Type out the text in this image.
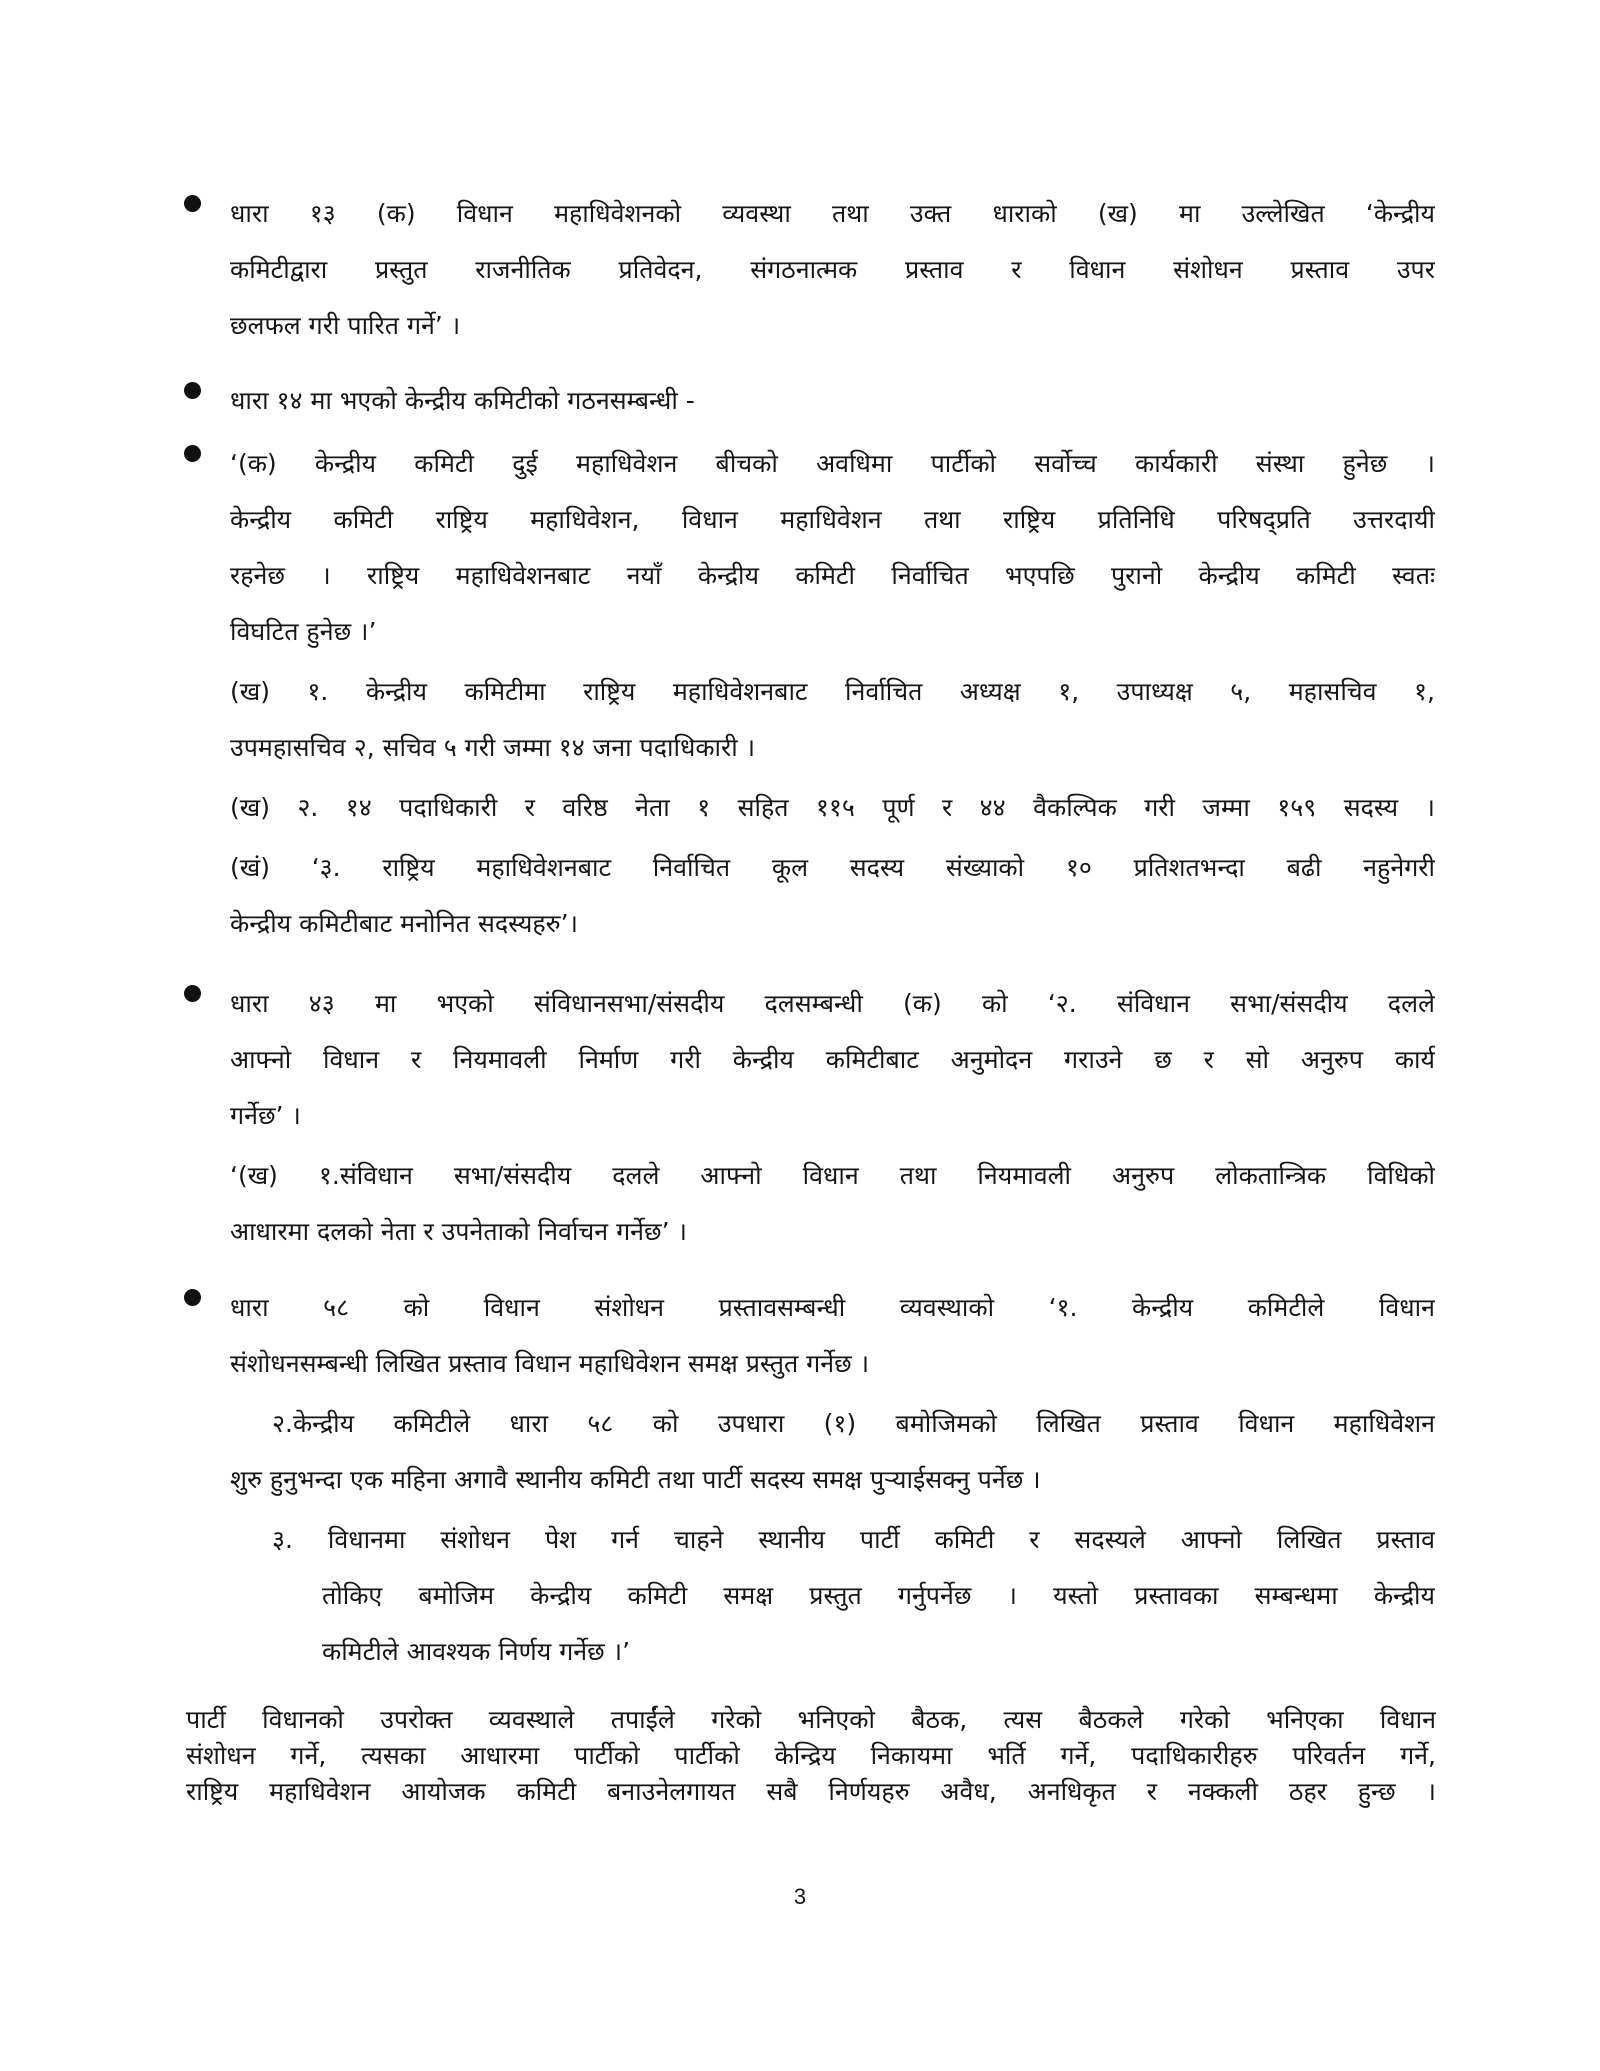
धारा १३ (क) विधान महाधिवेशनको व्यवस्था तथा उक्त धाराको (ख) मा उल्लेखित ‘केन्द्रीय
कमिटीद्वारा प्रस्तुत राजनीतिक प्रतिवेदन, संगठनात्मक प्रस्ताव र विधान संशोधन प्रस्ताव उपर
छलफल गरी पारित गर्ने’ ।
धारा १४ मा भएको केन्द्रीय कमिटीको गठनसम्बन्धी -
‘(क) केन्द्रीय कमिटी दुई महाधिवेशन बीचको अवधिमा पार्टीको सर्वोच्च कार्यकारी संस्था हुनेछ ।
केन्द्रीय कमिटी राष्ट्रिय महाधिवेशन, विधान महाधिवेशन तथा राष्ट्रिय प्रतिनिधि परिषद्प्रति उत्तरदायी
रहनेछ । राष्ट्रिय महाधिवेशनबाट नयाँ केन्द्रीय कमिटी निर्वाचित भएपछि पुरानो केन्द्रीय कमिटी स्वतः
विघटित हुनेछ ।’
(ख) १. केन्द्रीय कमिटीमा राष्ट्रिय महाधिवेशनबाट निर्वाचित अध्यक्ष १, उपाध्यक्ष ५, महासचिव १,
उपमहासचिव २, सचिव ५ गरी जम्मा १४ जना पदाधिकारी ।
(ख) २. १४ पदाधिकारी र वरिष्ठ नेता १ सहित ११५ पूर्ण र ४४ वैकल्पिक गरी जम्मा १५९ सदस्य ।
(खं) ‘३. राष्ट्रिय महाधिवेशनबाट निर्वाचित कूल सदस्य संख्याको १० प्रतिशतभन्दा बढी नहुनेगरी
केन्द्रीय कमिटीबाट मनोनित सदस्यहरु’।
धारा ४३ मा भएको संविधानसभा/संसदीय दलसम्बन्धी (क) को ‘२. संविधान सभा/संसदीय दलले
आफ्नो विधान र नियमावली निर्माण गरी केन्द्रीय कमिटीबाट अनुमोदन गराउने छ र सो अनुरुप कार्य
गर्नेछ’ ।
‘(ख) १.संविधान सभा/संसदीय दलले आफ्नो विधान तथा नियमावली अनुरुप लोकतान्त्रिक विधिको
आधारमा दलको नेता र उपनेताको निर्वाचन गर्नेछ’ ।
धारा ५८ को विधान संशोधन प्रस्तावसम्बन्धी व्यवस्थाको ‘१. केन्द्रीय कमिटीले विधान
संशोधनसम्बन्धी लिखित प्रस्ताव विधान महाधिवेशन समक्ष प्रस्तुत गर्नेछ ।
२.केन्द्रीय कमिटीले धारा ५८ को उपधारा (१) बमोजिमको लिखित प्रस्ताव विधान महाधिवेशन
शुरु हुनुभन्दा एक महिना अगावै स्थानीय कमिटी तथा पार्टी सदस्य समक्ष पुऱ्याईसक्नु पर्नेछ ।
३. विधानमा संशोधन पेश गर्न चाहने स्थानीय पार्टी कमिटी र सदस्यले आफ्नो लिखित प्रस्ताव
तोकिए बमोजिम केन्द्रीय कमिटी समक्ष प्रस्तुत गर्नुपर्नेछ । यस्तो प्रस्तावका सम्बन्धमा केन्द्रीय
कमिटीले आवश्यक निर्णय गर्नेछ ।’
पार्टी विधानको उपरोक्त व्यवस्थाले तपाईंले गरेको भनिएको बैठक, त्यस बैठकले गरेको भनिएका विधान
संशोधन गर्ने, त्यसका आधारमा पार्टीको पार्टीको केन्द्रिय निकायमा भर्ति गर्ने, पदाधिकारीहरु परिवर्तन गर्ने,
राष्ट्रिय महाधिवेशन आयोजक कमिटी बनाउनेलगायत सबै निर्णयहरु अवैध, अनधिकृत र नक्कली ठहर हुन्छ ।
3
